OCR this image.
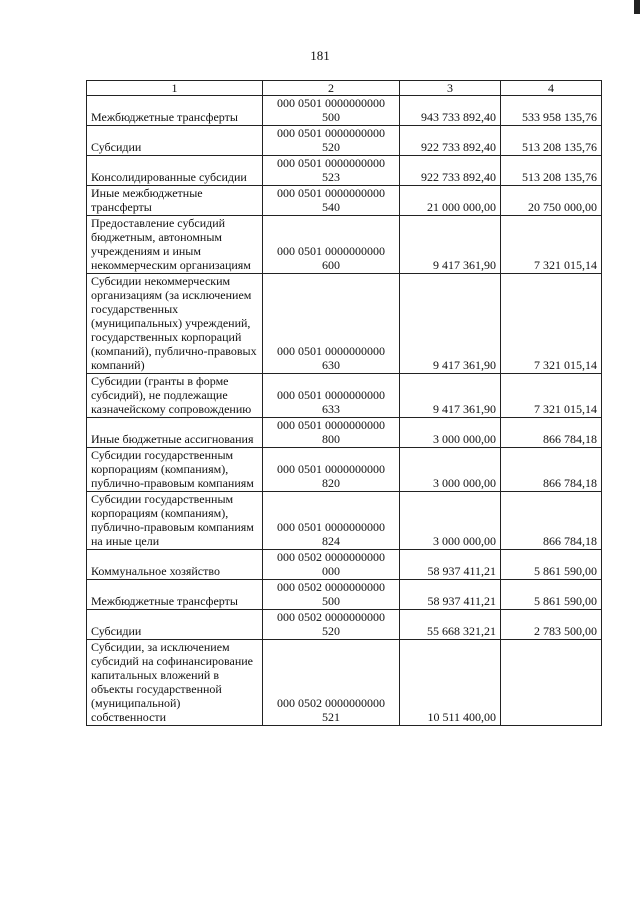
181
1	2	3	4
Межбюджетные трансферты	000 0501 0000000000 500	943 733 892,40	533 958 135,76
Субсидии	000 0501 0000000000 520	922 733 892,40	513 208 135,76
Консолидированные субсидии	000 0501 0000000000 523	922 733 892,40	513 208 135,76
Иные межбюджетные трансферты	000 0501 0000000000 540	21 000 000,00	20 750 000,00
Предоставление субсидий бюджетным, автономным учреждениям и иным некоммерческим организациям	000 0501 0000000000 600	9 417 361,90	7 321 015,14
Субсидии некоммерческим организациям (за исключением государственных (муниципальных) учреждений, государственных корпораций (компаний), публично-правовых компаний)	000 0501 0000000000 630	9 417 361,90	7 321 015,14
Субсидии (гранты в форме субсидий), не подлежащие казначейскому сопровождению	000 0501 0000000000 633	9 417 361,90	7 321 015,14
Иные бюджетные ассигнования	000 0501 0000000000 800	3 000 000,00	866 784,18
Субсидии государственным корпорациям (компаниям), публично-правовым компаниям	000 0501 0000000000 820	3 000 000,00	866 784,18
Субсидии государственным корпорациям (компаниям), публично-правовым компаниям на иные цели	000 0501 0000000000 824	3 000 000,00	866 784,18
Коммунальное хозяйство	000 0502 0000000000 000	58 937 411,21	5 861 590,00
Межбюджетные трансферты	000 0502 0000000000 500	58 937 411,21	5 861 590,00
Субсидии	000 0502 0000000000 520	55 668 321,21	2 783 500,00
Субсидии, за исключением субсидий на софинансирование капитальных вложений в объекты государственной (муниципальной) собственности	000 0502 0000000000 521	10 511 400,00	
